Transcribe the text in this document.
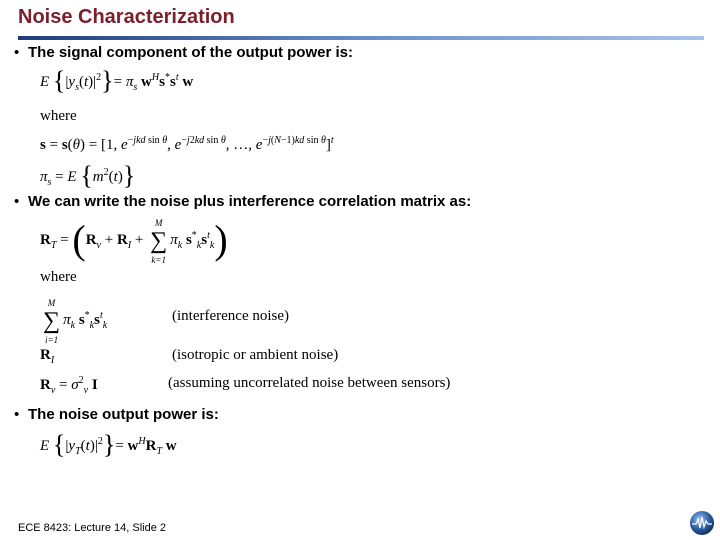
Noise Characterization
• The signal component of the output power is:
E $\{|y_s(t)|^2\}= \pi_s$ $w^Hs^*s^t$ w
where
s = s(θ) = [1, $e^{-jkd sin \theta}$, $e^{-j2kd sin \theta}$, …, $e^{-j(N-1)kd sin \theta}]^t$
$\pi_s = E$ $\{m^2(t)\}$
• We can write the noise plus interference correlation matrix as:
$R_T = (R_v + R_I$ +
M
∑
k=1
$\pi_k$ $s^*_ks^t_k$)
where
M
∑
i=1
$\pi_k$ $s^*_ks^t_k$
(interference noise)
$R_I$	(isotropic or ambient noise)
$R_v = \sigma^2_v$ I	(assuming uncorrelated noise between sensors)
• The noise output power is:
E $\{|y_T(t)|^2\}= w^HR_T$ w
ECE 8423: Lecture 14, Slide 2
